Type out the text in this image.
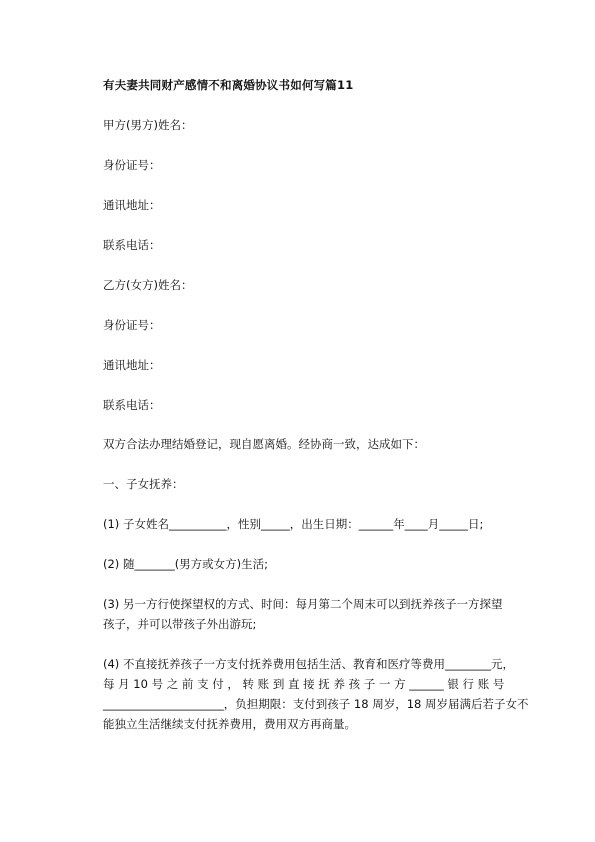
有夫妻共同财产感情不和离婚协议书如何写篇11
甲方(男方)姓名：
身份证号：
通讯地址：
联系电话：
乙方(女方)姓名：
身份证号：
通讯地址：
联系电话：
双方合法办理结婚登记，现自愿离婚。经协商一致，达成如下：
一、子女抚养：
(1) 子女姓名__________，性别_____，出生日期：______年____月_____日;
(2) 随_______(男方或女方)生活;
(3) 另一方行使探望权的方式、时间：每月第二个周末可以到抚养孩子一方探望
孩子，并可以带孩子外出游玩;
(4) 不直接抚养孩子一方支付抚养费用包括生活、教育和医疗等费用________元，
每 月 10 号 之 前 支 付 ， 转 账 到 直 接 抚 养 孩 子 一 方 ______ 银 行 账 号
_____________________，负担期限：支付到孩子 18 周岁，18 周岁届满后若子女不
能独立生活继续支付抚养费用，费用双方再商量。
